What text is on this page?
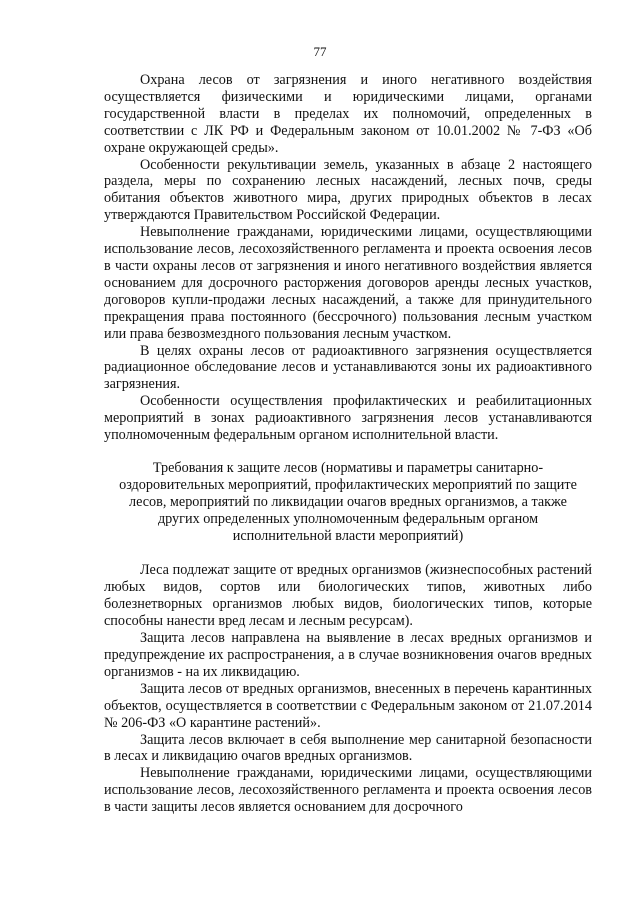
77

Охрана лесов от загрязнения и иного негативного воздействия осуществляется физическими и юридическими лицами, органами государственной власти в пределах их полномочий, определенных в соответствии с ЛК РФ и Федеральным законом от 10.01.2002 № 7-ФЗ «Об охране окружающей среды».

Особенности рекультивации земель, указанных в абзаце 2 настоящего раздела, меры по сохранению лесных насаждений, лесных почв, среды обитания объектов животного мира, других природных объектов в лесах утверждаются Правительством Российской Федерации.

Невыполнение гражданами, юридическими лицами, осуществляющими использование лесов, лесохозяйственного регламента и проекта освоения лесов в части охраны лесов от загрязнения и иного негативного воздействия является основанием для досрочного расторжения договоров аренды лесных участков, договоров купли-продажи лесных насаждений, а также для принудительного прекращения права постоянного (бессрочного) пользования лесным участком или права безвозмездного пользования лесным участком.

В целях охраны лесов от радиоактивного загрязнения осуществляется радиационное обследование лесов и устанавливаются зоны их радиоактивного загрязнения.

Особенности осуществления профилактических и реабилитационных мероприятий в зонах радиоактивного загрязнения лесов устанавливаются уполномоченным федеральным органом исполнительной власти.

Требования к защите лесов (нормативы и параметры санитарно-оздоровительных мероприятий, профилактических мероприятий по защите лесов, мероприятий по ликвидации очагов вредных организмов, а также других определенных уполномоченным федеральным органом исполнительной власти мероприятий)

Леса подлежат защите от вредных организмов (жизнеспособных растений любых видов, сортов или биологических типов, животных либо болезнетворных организмов любых видов, биологических типов, которые способны нанести вред лесам и лесным ресурсам).

Защита лесов направлена на выявление в лесах вредных организмов и предупреждение их распространения, а в случае возникновения очагов вредных организмов - на их ликвидацию.

Защита лесов от вредных организмов, внесенных в перечень карантинных объектов, осуществляется в соответствии с Федеральным законом от 21.07.2014 № 206-ФЗ «О карантине растений».

Защита лесов включает в себя выполнение мер санитарной безопасности в лесах и ликвидацию очагов вредных организмов.

Невыполнение гражданами, юридическими лицами, осуществляющими использование лесов, лесохозяйственного регламента и проекта освоения лесов в части защиты лесов является основанием для досрочного
